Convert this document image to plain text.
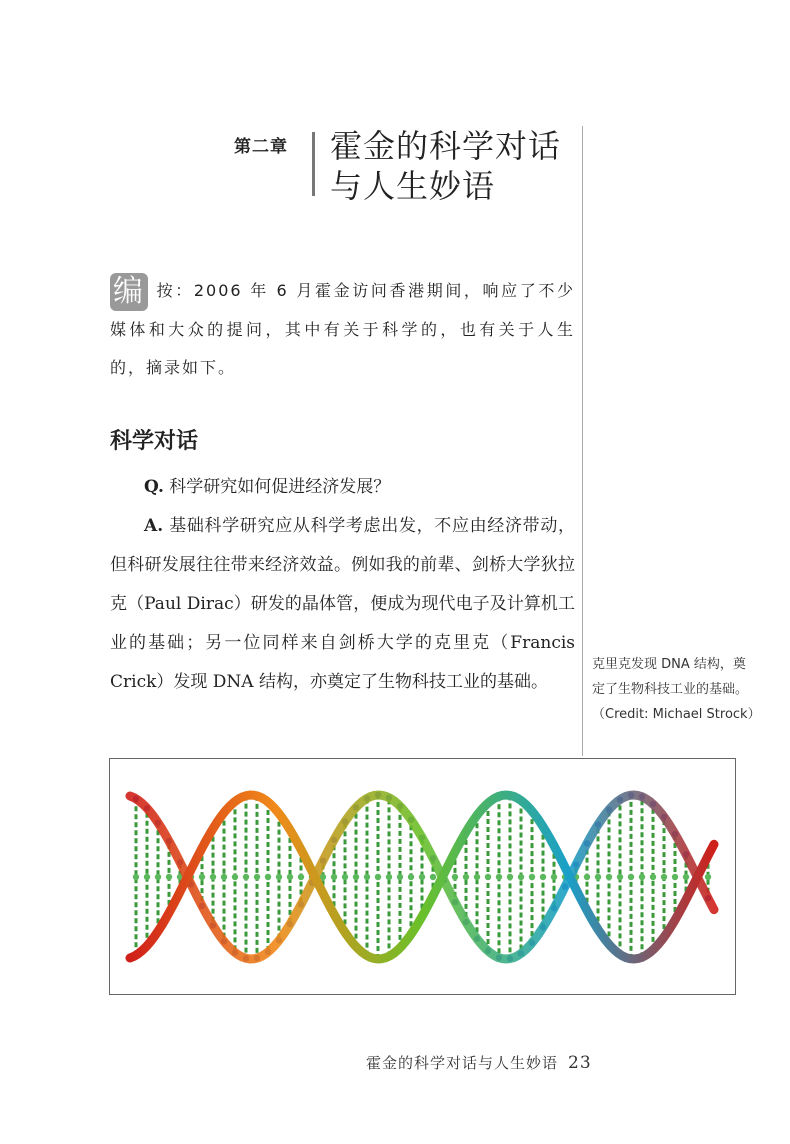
第二章 霍金的科学对话
与人生妙语
编 按：2006 年 6 月霍金访问香港期间，响应了不少媒体和大众的提问，其中有关于科学的，也有关于人生的，摘录如下。
科学对话

Q. 科学研究如何促进经济发展？

A. 基础科学研究应从科学考虑出发，不应由经济带动，但科研发展往往带来经济效益。例如我的前辈、剑桥大学狄拉克（Paul Dirac）研发的晶体管，便成为现代电子及计算机工业的基础；另一位同样来自剑桥大学的克里克（Francis Crick）发现 DNA 结构，亦奠定了生物科技工业的基础。

克里克发现 DNA 结构，奠定了生物科技工业的基础。（Credit: Michael Strock）
霍金的科学对话与人生妙语 23
